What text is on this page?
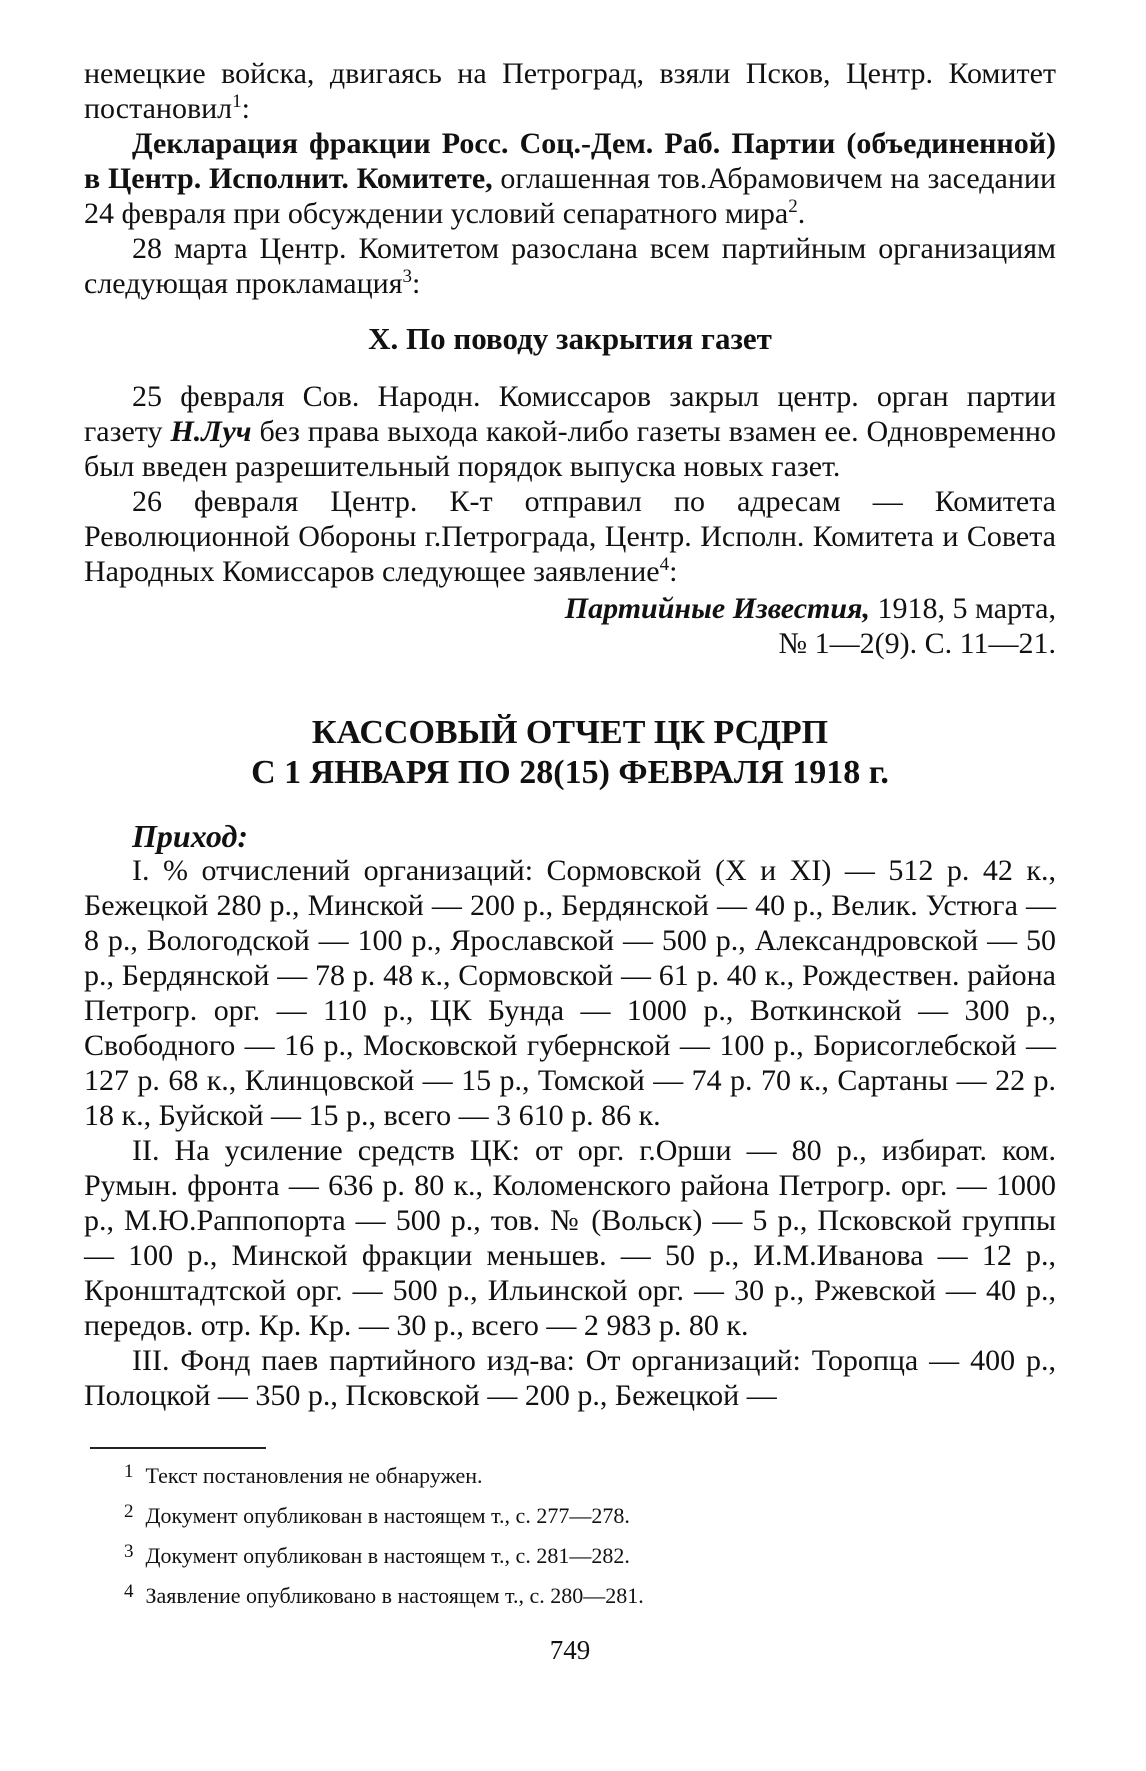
немецкие войска, двигаясь на Петроград, взяли Псков, Центр. Комитет постановил$^1$:

Декларация фракции Росс. Соц.-Дем. Раб. Партии (объединенной) в Центр. Исполнит. Комитете, оглашенная тов.Абрамовичем на заседании 24 февраля при обсуждении условий сепаратного мира$^2$.

28 марта Центр. Комитетом разослана всем партийным организациям следующая прокламация$^3$:

X. По поводу закрытия газет

25 февраля Сов. Народн. Комиссаров закрыл центр. орган партии газету Н.Луч без права выхода какой-либо газеты взамен ее. Одновременно был введен разрешительный порядок выпуска новых газет.

26 февраля Центр. К-т отправил по адресам — Комитета Революционной Обороны г.Петрограда, Центр. Исполн. Комитета и Совета Народных Комиссаров следующее заявление$^4$:

Партийные Известия, 1918, 5 марта,
№ 1—2(9). С. 11—21.

КАССОВЫЙ ОТЧЕТ ЦК РСДРП
С 1 ЯНВАРЯ ПО 28(15) ФЕВРАЛЯ 1918 г.
Приход:

I. % отчислений организаций: Сормовской (X и XI) — 512 р. 42 к., Бежецкой 280 р., Минской — 200 р., Бердянской — 40 р., Велик. Устюга — 8 р., Вологодской — 100 р., Ярославской — 500 р., Александровской — 50 р., Бердянской — 78 р. 48 к., Сормовской — 61 р. 40 к., Рождествен. района Петрогр. орг. — 110 р., ЦК Бунда — 1000 р., Воткинской — 300 р., Свободного — 16 р., Московской губернской — 100 р., Борисоглебской — 127 р. 68 к., Клинцовской — 15 р., Томской — 74 р. 70 к., Сартаны — 22 р. 18 к., Буйской — 15 р., всего — 3 610 р. 86 к.

II. На усиление средств ЦК: от орг. г.Орши — 80 р., избират. ком. Румын. фронта — 636 р. 80 к., Коломенского района Петрогр. орг. — 1000 р., М.Ю.Раппопорта — 500 р., тов. № (Вольск) — 5 р., Псковской группы — 100 р., Минской фракции меньшев. — 50 р., И.М.Иванова — 12 р., Кронштадтской орг. — 500 р., Ильинской орг. — 30 р., Ржевской — 40 р., передов. отр. Кр. Кр. — 30 р., всего — 2 983 р. 80 к.

III. Фонд паев партийного изд-ва: От организаций: Торопца — 400 р., Полоцкой — 350 р., Псковской — 200 р., Бежецкой —

1 Текст постановления не обнаружен.
2 Документ опубликован в настоящем т., с. 277—278.
3 Документ опубликован в настоящем т., с. 281—282.
4 Заявление опубликовано в настоящем т., с. 280—281.
749
